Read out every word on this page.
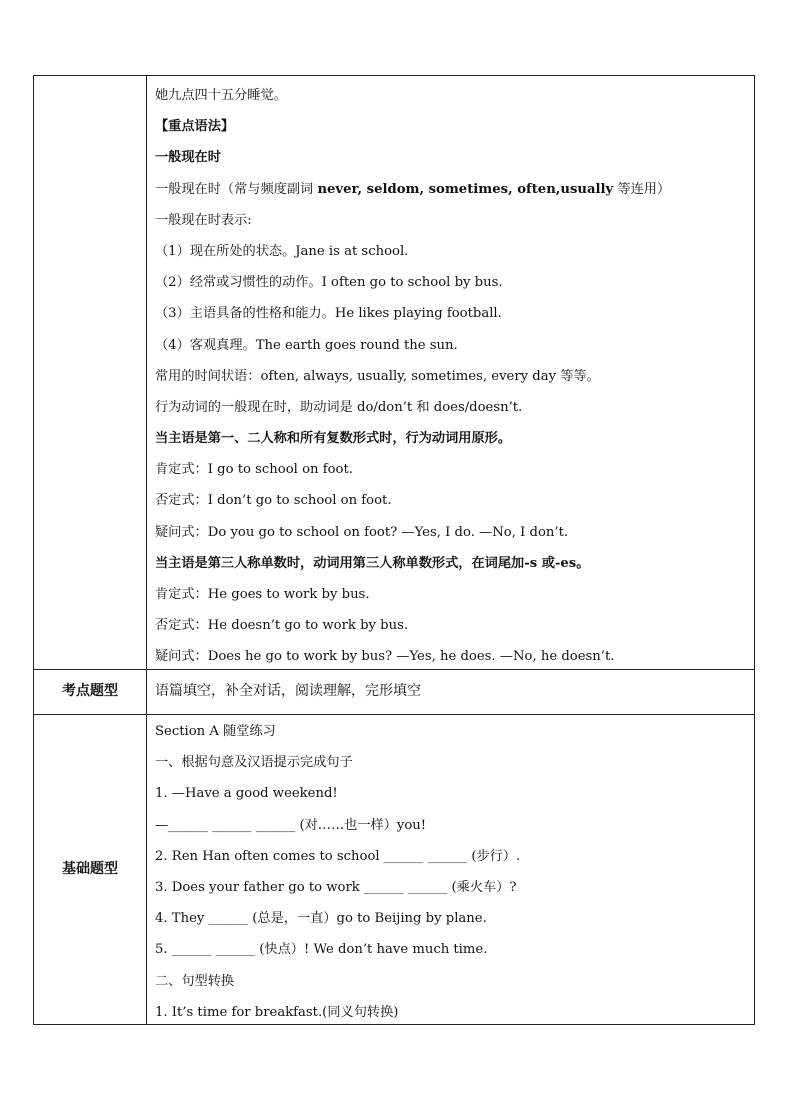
她九点四十五分睡觉。
【重点语法】
一般现在时
一般现在时（常与频度副词 never, seldom, sometimes, often,usually 等连用）
一般现在时表示:
（1）现在所处的状态。Jane is at school.
（2）经常或习惯性的动作。I often go to school by bus.
（3）主语具备的性格和能力。He likes playing football.
（4）客观真理。The earth goes round the sun.
常用的时间状语：often, always, usually, sometimes, every day 等等。
行为动词的一般现在时，助动词是 do/don’t 和 does/doesn’t.
当主语是第一、二人称和所有复数形式时，行为动词用原形。
肯定式：I go to school on foot.
否定式：I don’t go to school on foot.
疑问式：Do you go to school on foot? —Yes, I do. —No, I don’t.
当主语是第三人称单数时，动词用第三人称单数形式，在词尾加-s 或-es。
肯定式：He goes to work by bus.
否定式：He doesn’t go to work by bus.
疑问式：Does he go to work by bus? —Yes, he does. —No, he doesn’t.
考点题型	语篇填空，补全对话，阅读理解，完形填空
基础题型
Section A 随堂练习
一、根据句意及汉语提示完成句子
1. —Have a good weekend!
—______ ______ ______ (对……也一样）you!
2. Ren Han often comes to school ______ ______ (步行）.
3. Does your father go to work ______ ______ (乘火车）?
4. They ______ (总是，一直）go to Beijing by plane.
5. ______ ______ (快点）! We don’t have much time.
二、句型转换
1. It’s time for breakfast.(同义句转换)
